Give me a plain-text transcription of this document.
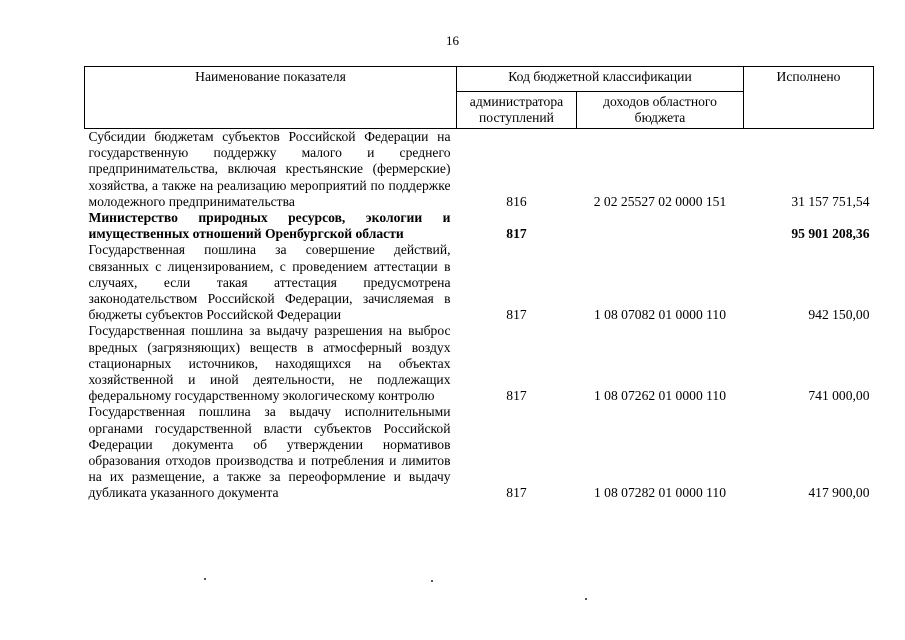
16
Наименование показателя	Код бюджетной классификации		Исполнено
	администратора поступлений	доходов областного бюджета	
Субсидии бюджетам субъектов Российской Федерации на государственную поддержку малого и среднего предпринимательства, включая крестьянские (фермерские) хозяйства, а также на реализацию мероприятий по поддержке молодежного предпринимательства	816	2 02 25527 02 0000 151	31 157 751,54
Министерство природных ресурсов, экологии и имущественных отношений Оренбургской области	817		95 901 208,36
Государственная пошлина за совершение действий, связанных с лицензированием, с проведением аттестации в случаях, если такая аттестация предусмотрена законодательством Российской Федерации, зачисляемая в бюджеты субъектов Российской Федерации	817	1 08 07082 01 0000 110	942 150,00
Государственная пошлина за выдачу разрешения на выброс вредных (загрязняющих) веществ в атмосферный воздух стационарных источников, находящихся на объектах хозяйственной и иной деятельности, не подлежащих федеральному государственному экологическому контролю	817	1 08 07262 01 0000 110	741 000,00
Государственная пошлина за выдачу исполнительными органами государственной власти субъектов Российской Федерации документа об утверждении нормативов образования отходов производства и потребления и лимитов на их размещение, а также за переоформление и выдачу дубликата указанного документа	817	1 08 07282 01 0000 110	417 900,00
